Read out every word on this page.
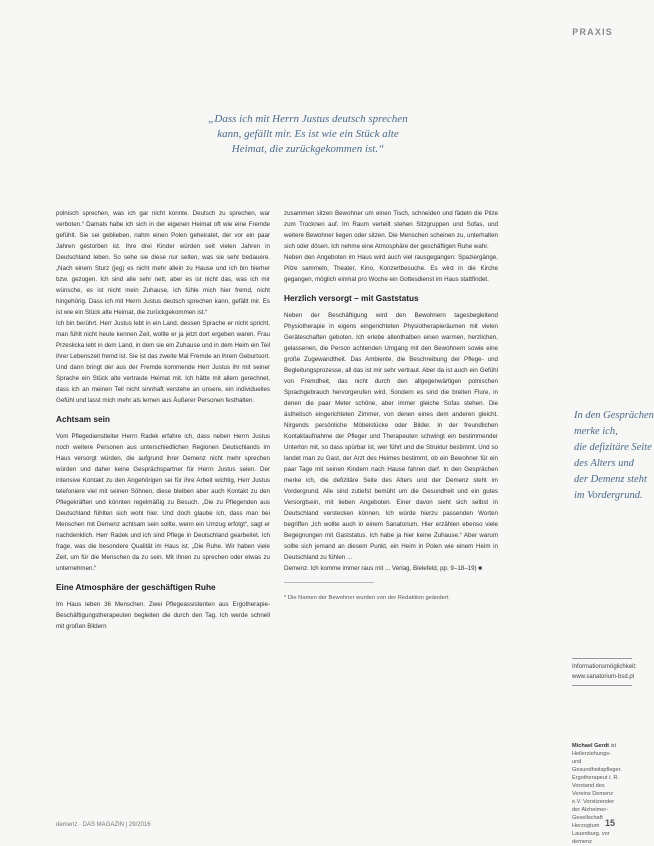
PRAXIS

„Dass ich mit Herrn Justus deutsch sprechen

kann, gefällt mir. Es ist wie ein Stück alte

Heimat, die zurückgekommen ist.“

polnisch sprechen, was ich gar nicht konnte. Deutsch zu sprechen, war verboten.“ Damals habe ich sich in der eigenen Heimat oft wie eine Fremde gefühlt. Sie sei geblieben, nahm einen Polen geheiratet, der vor ein paar Jahren gestorben ist. Ihre drei Kinder würden seit vielen Jahren in Deutschland leben. So sehe sie diese nur selten, was sie sehr bedauere. „Nach einem Sturz (jeg) es nicht mehr allein zu Hause und ich bin hierher bzw. gezogen. Ich sind alle sehr nett, aber es ist nicht das, was ich mir wünsche, es ist nicht mein Zuhause, ich fühle mich hier fremd, nicht hingehörig. Dass ich mit Herrn Justus deutsch sprechen kann, gefällt mir. Es ist wie ein Stück alte Heimat, die zurückgekommen ist.“

Ich bin berührt. Herr Justus lebt in ein Land, dessen Sprache er nicht spricht, man fühlt nicht heute kennen Zeit, wollte er ja jetzt dort ergeben waren. Frau Przesłicka lebt in dem Land, in dem sie ein Zuhause und in dem Heim ein Teil ihrer Lebenszeit fremd ist. Sie ist das zweite Mal Fremde an ihrem Geburtsort. Und dann bringt der aus der Fremde kommende Herr Justus ihr mit seiner Sprache ein Stück alte vertraute Heimat mit. Ich hätte mit allem gerechnet, dass ich an meinen Teil nicht sinnhaft verstehe an unsere, ein individuelles Gefühl und lasst mich mehr als lernen aus Äußerer Personen festhalten.

Achtsam sein

Vom Pflegedienstleiter Herrn Radek erfahre ich, dass neben Herrn Justus noch weitere Personen aus unterschiedlichen Regionen Deutschlands im Haus versorgt würden, die aufgrund ihrer Demenz nicht mehr sprechen würden und daher keine Gesprächspartner für Herrn Justus seien. Der intensive Kontakt zu den Angehörigen sei für ihre Arbeit wichtig, Herr Justus telefoniere viel mit seinen Söhnen, diese bleiben aber auch Kontakt zu den Pflegekräften und könnten regelmäßig zu Besuch. „Die zu Pflegenden aus Deutschland fühlten sich wohl hier. Und doch glaube ich, dass man bei Menschen mit Demenz achtsam sein sollte, wenn ein Umzug erfolgt“, sagt er nachdenklich. Herr Radek und ich sind Pflege in Deutschland gearbeitet. Ich frage, was die besondere Qualität im Haus ist. „Die Ruhe. Wir haben viele Zeit, um für die Menschen da zu sein. Mit ihnen zu sprechen oder etwas zu unternehmen.“

Eine Atmosphäre der geschäftigen Ruhe

Im Haus leben 36 Menschen. Zwei Pflegeassistenten aus Ergotherapie-Beschäftigungstherapeuten begleiten die durch den Tag. Ich werde schnell mit großen Bildern

zusammen sitzen Bewohner um einen Tisch, schneiden und fädeln die Pilze zum Trocknen auf. Im Raum verteilt stehen Sitzgruppen und Sofas, und weitere Bewohner liegen oder sitzen. Die Menschen scheinen zu, unterhalten sich oder dösen. Ich nehme eine Atmosphäre der geschäftigen Ruhe wahr.

Neben den Angeboten im Haus wird auch viel rausgegangen: Spaziergänge, Pilze sammeln, Theater, Kino, Konzertbesuche. Es wird in die Kirche gegangen, möglich einmal pro Woche ein Gottesdienst im Haus stattfindet.

Herzlich versorgt – mit Gaststatus

Neben der Beschäftigung wird den Bewohnern tagesbegleitend Physiotherapie in eigens eingerichteten Physiotherapieräumen mit vielen Geräteschaften geboten. Ich erlebe allenthalben einen warmen, herzlichen, gelassenen, die Person achtenden Umgang mit den Bewohnern sowie eine große Zugewandtheit. Das Ambiente, die Beschreibung der Pflege- und Begleitungsprozesse, all das ist mir sehr vertraut. Aber da ist auch ein Gefühl von Fremdheit, das nicht durch den allgegenwärtigen polnischen Sprachgebrauch hervorgerufen wird. Sondern es sind die breiten Flure, in denen die paar Meter schöne, aber immer gleiche Sofas stehen. Die ästhetisch eingerichteten Zimmer, von denen eines dem anderen gleicht. Nirgends persönliche Möbelstücke oder Bilder. In der freundlichen Kontaktaufnahme der Pfleger und Therapeuten schwingt ein bestimmender Unterton mit, so dass spürbar ist, wer führt und die Struktur bestimmt. Und so landet man zu Gast, der Arzt des Heimes bestimmt, ob ein Bewohner für ein paar Tage mit seinen Kindern nach Hause fahren darf. In den Gesprächen merke ich, die defizitäre Seite des Alters und der Demenz steht im Vordergrund. Alle sind zutiefst bemüht um die Gesundheit und ein gutes Versorgtsein, mit lieben Angeboten. Einer davon sieht sich selbst in Deutschland verstecken können. Ich würde hierzu passenden Worten begriffen „Ich wollte auch in einem Sanatorium. Hier erzählen ebenso viele Begegnungen mit Gaststatus. Ich habe ja hier keine Zuhause.“ Aber warum sollte sich jemand an diesem Punkt, ein Heim in Polen wie einem Heim in Deutschland zu fühlen ...

Demenz. Ich komme immer raus mit ... Verlag, Bielefeld, pp. 9–18–19) ■

* Die Namen der Bewohner wurden von der Redaktion geändert.

In den Gesprächen

merke ich,

die defizitäre Seite

des Alters und

der Demenz steht

im Vordergrund.

Informationsmöglichkeit:
www.sanatorium-bsd.pl
Michael Gerdt ist Heilerziehungs- und Gesundheitspfleger. Ergotherapeut i. R. Vorstand des Vereins Demenz e.V. Vorsitzender der Alzheimer-Gesellschaft Herzogtum Lauenburg. vor demenz
demenz · DAS MAGAZIN | 29/2016	15
